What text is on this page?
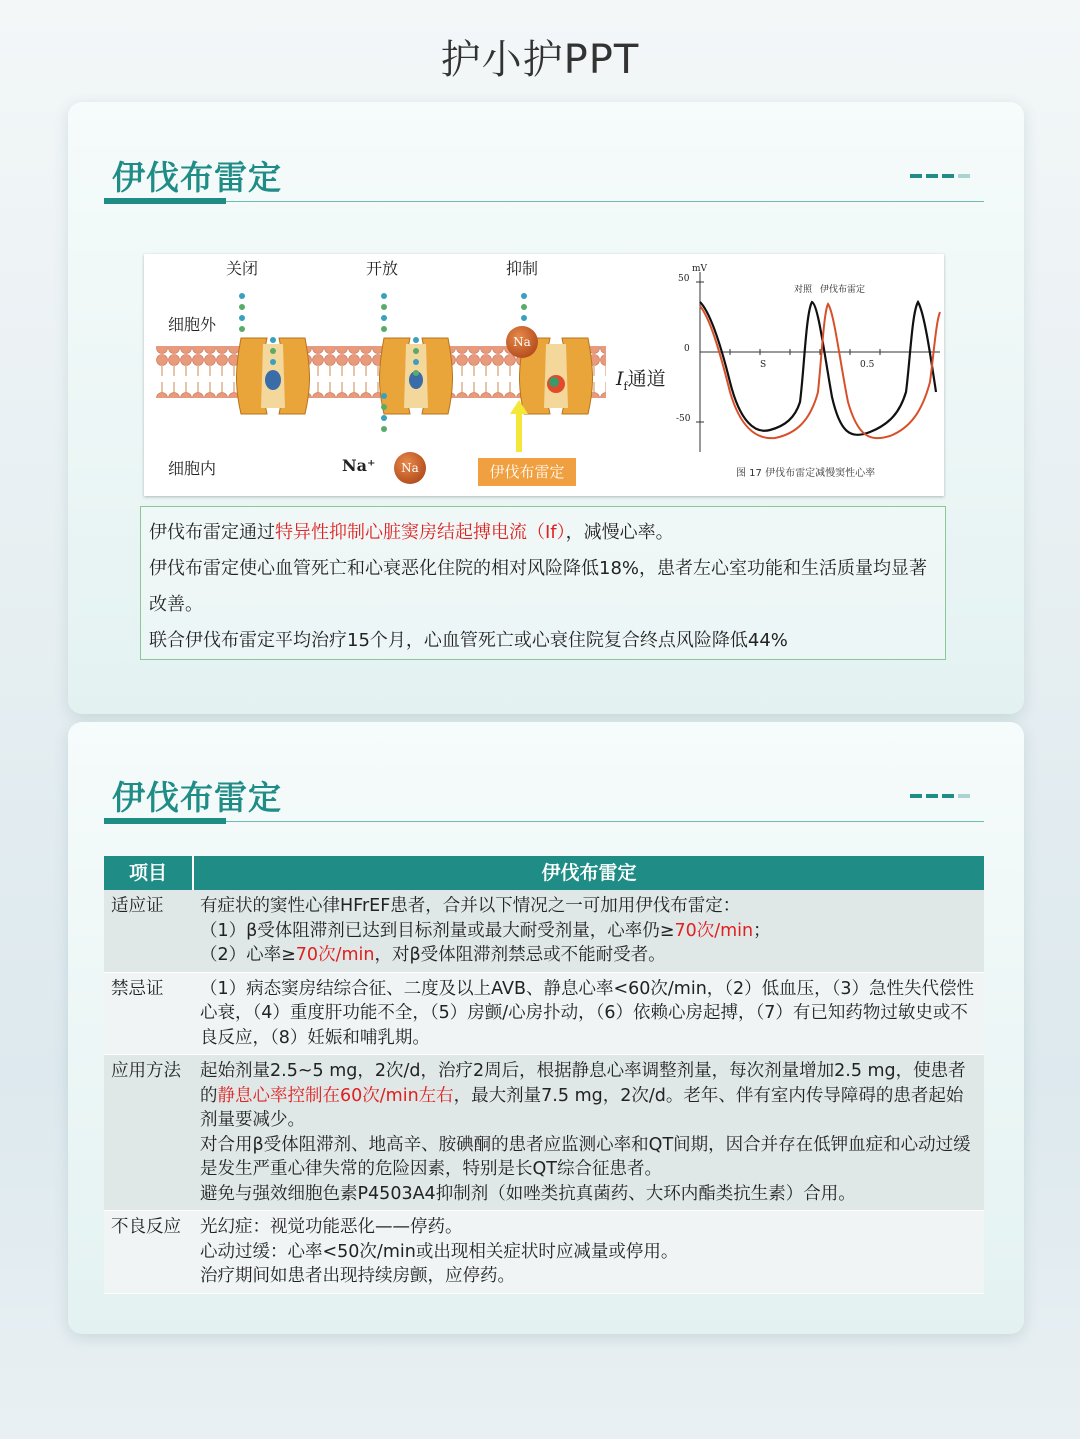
护小护PPT
伊伐布雷定
关闭	开放	抑制
细胞外
细胞内
Na
Na
Na⁺
$I_f$通道
伊伐布雷定
mV
50
0
-50
S	0.5
对照 伊伐布雷定
图 17 伊伐布雷定减慢窦性心率

伊伐布雷定通过特异性抑制心脏窦房结起搏电流（If），减慢心率。

伊伐布雷定使心血管死亡和心衰恶化住院的相对风险降低18%，患者左心室功能和生活质量均显著改善。

联合伊伐布雷定平均治疗15个月，心血管死亡或心衰住院复合终点风险降低44%

伊伐布雷定
项目	伊伐布雷定
适应证	有症状的窦性心律HFrEF患者，合并以下情况之一可加用伊伐布雷定：
（1）β受体阻滞剂已达到目标剂量或最大耐受剂量，心率仍≥70次/min；
（2）心率≥70次/min，对β受体阻滞剂禁忌或不能耐受者。

禁忌证	（1）病态窦房结综合征、二度及以上AVB、静息心率<60次/min，（2）低血压，（3）急性失代偿性心衰，（4）重度肝功能不全，（5）房颤/心房扑动，（6）依赖心房起搏，（7）有已知药物过敏史或不良反应，（8）妊娠和哺乳期。
应用方法	起始剂量2.5~5 mg，2次/d，治疗2周后，根据静息心率调整剂量，每次剂量增加2.5 mg，使患者的静息心率控制在60次/min左右，最大剂量7.5 mg，2次/d。老年、伴有室内传导障碍的患者起始剂量要减少。
对合用β受体阻滞剂、地高辛、胺碘酮的患者应监测心率和QT间期，因合并存在低钾血症和心动过缓是发生严重心律失常的危险因素，特别是长QT综合征患者。
避免与强效细胞色素P4503A4抑制剂（如唑类抗真菌药、大环内酯类抗生素）合用。

不良反应	光幻症：视觉功能恶化——停药。
心动过缓：心率<50次/min或出现相关症状时应减量或停用。
治疗期间如患者出现持续房颤，应停药。
